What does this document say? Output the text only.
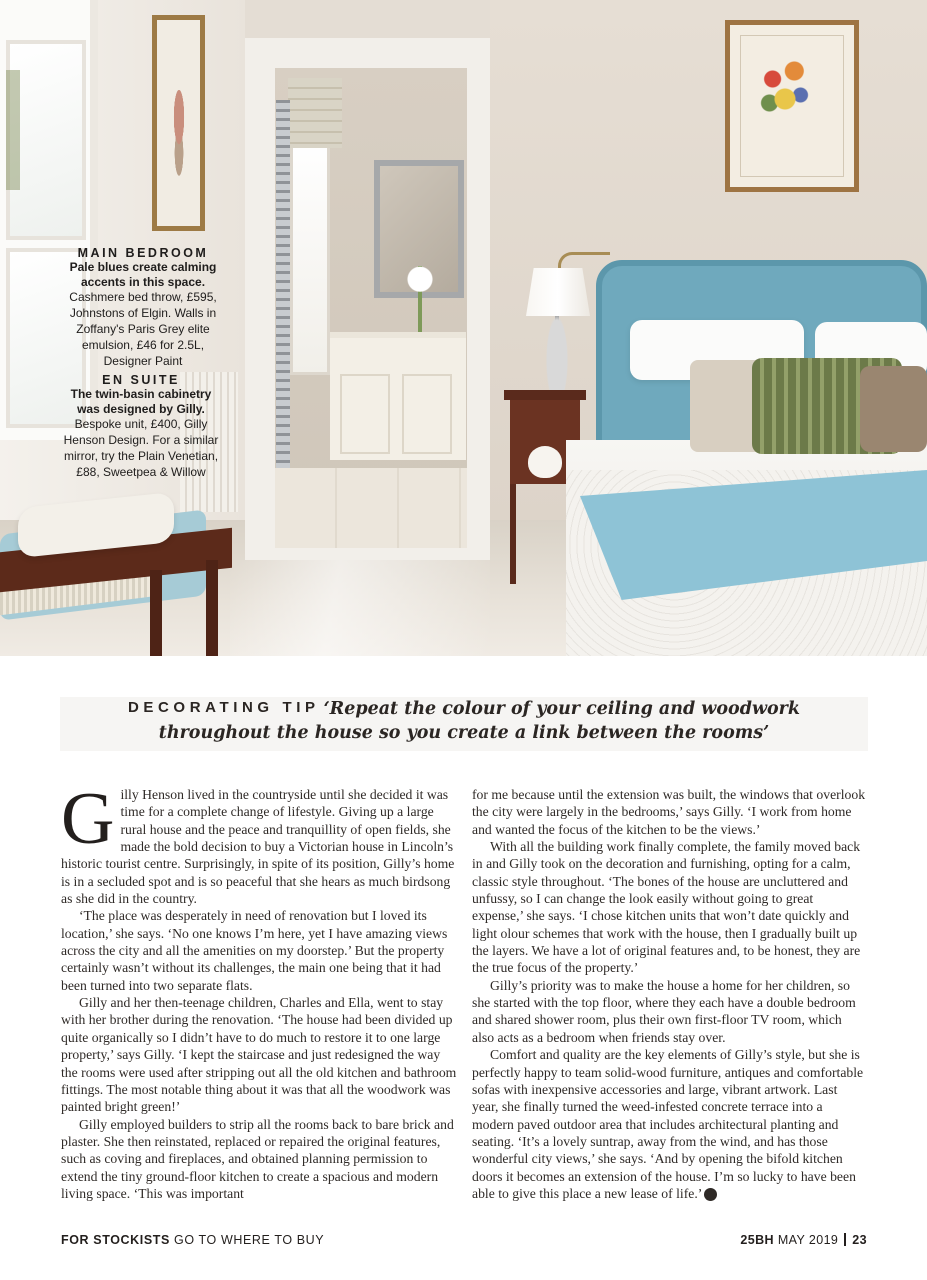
MAIN BEDROOM
Pale blues create calming accents in this space.
Cashmere bed throw, £595, Johnstons of Elgin. Walls in Zoffany's Paris Grey elite emulsion, £46 for 2.5L, Designer Paint
EN SUITE
The twin-basin cabinetry was designed by Gilly.
Bespoke unit, £400, Gilly Henson Design. For a similar mirror, try the Plain Venetian, £88, Sweetpea & Willow
DECORATING TIP ‘Repeat the colour of your ceiling and woodwork
throughout the house so you create a link between the rooms’
G illy Henson lived in the countryside until she decided it was time for a complete change of lifestyle. Giving up a large rural house and the peace and tranquillity of open fields, she made the bold decision to buy a Victorian house in Lincoln’s historic tourist centre. Surprisingly, in spite of its position, Gilly’s home is in a secluded spot and is so peaceful that she hears as much birdsong as she did in the country.

‘The place was desperately in need of renovation but I loved its location,’ she says. ‘No one knows I’m here, yet I have amazing views across the city and all the amenities on my doorstep.’ But the property certainly wasn’t without its challenges, the main one being that it had been turned into two separate flats.

Gilly and her then-teenage children, Charles and Ella, went to stay with her brother during the renovation. ‘The house had been divided up quite organically so I didn’t have to do much to restore it to one large property,’ says Gilly. ‘I kept the staircase and just redesigned the way the rooms were used after stripping out all the old kitchen and bathroom fittings. The most notable thing about it was that all the woodwork was painted bright green!’

Gilly employed builders to strip all the rooms back to bare brick and plaster. She then reinstated, replaced or repaired the original features, such as coving and fireplaces, and obtained planning permission to extend the tiny ground-floor kitchen to create a spacious and modern living space. ‘This was important

for me because until the extension was built, the windows that overlook the city were largely in the bedrooms,’ says Gilly. ‘I work from home and wanted the focus of the kitchen to be the views.’

With all the building work finally complete, the family moved back in and Gilly took on the decoration and furnishing, opting for a calm, classic style throughout. ‘The bones of the house are uncluttered and unfussy, so I can change the look easily without going to great expense,’ she says. ‘I chose kitchen units that won’t date quickly and light olour schemes that work with the house, then I gradually built up the layers. We have a lot of original features and, to be honest, they are the true focus of the property.’

Gilly’s priority was to make the house a home for her children, so she started with the top floor, where they each have a double bedroom and shared shower room, plus their own first-floor TV room, which also acts as a bedroom when friends stay over.

Comfort and quality are the key elements of Gilly’s style, but she is perfectly happy to team solid-wood furniture, antiques and comfortable sofas with inexpensive accessories and large, vibrant artwork. Last year, she finally turned the weed-infested concrete terrace into a modern paved outdoor area that includes architectural planting and seating. ‘It’s a lovely suntrap, away from the wind, and has those wonderful city views,’ she says. ‘And by opening the bifold kitchen doors it becomes an extension of the house. I’m so lucky to have been able to give this place a new lease of life.’	25

FOR STOCKISTS GO TO WHERE TO BUY	25BH MAY 2019 23
